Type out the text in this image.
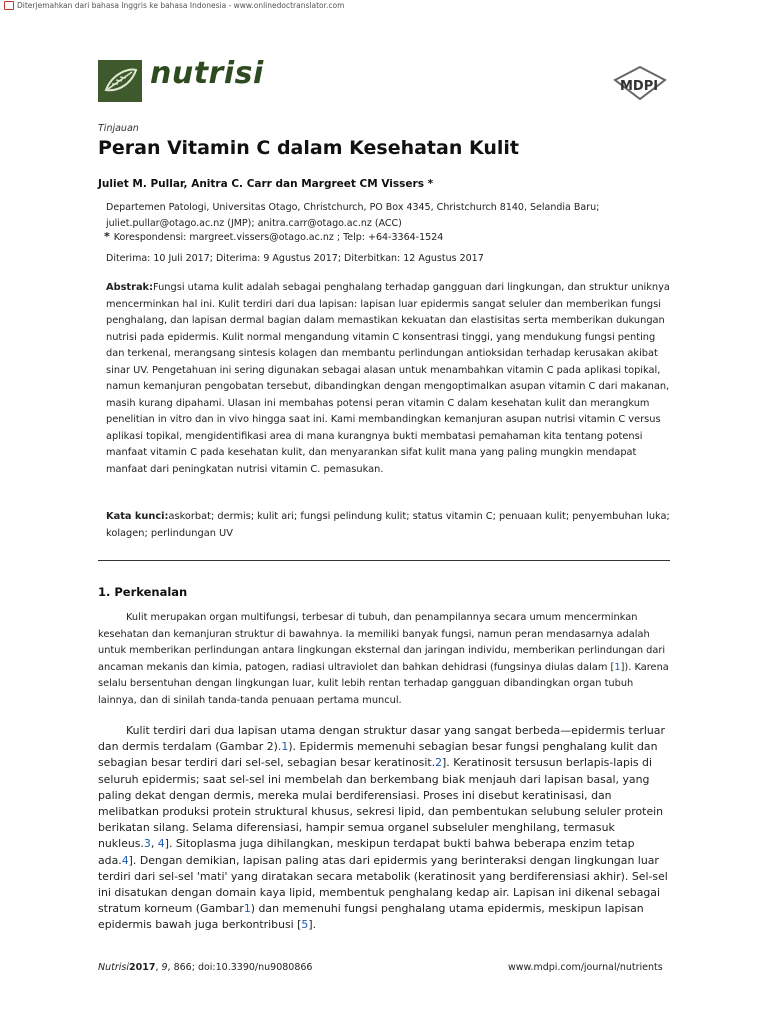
Diterjemahkan dari bahasa Inggris ke bahasa Indonesia - www.onlinedoctranslator.com
nutrisi	MDPI
Tinjauan
Peran Vitamin C dalam Kesehatan Kulit
Juliet M. Pullar, Anitra C. Carr dan Margreet CM Vissers *
Departemen Patologi, Universitas Otago, Christchurch, PO Box 4345, Christchurch 8140, Selandia Baru;
juliet.pullar@otago.ac.nz (JMP); anitra.carr@otago.ac.nz (ACC)
* Korespondensi: margreet.vissers@otago.ac.nz ; Telp: +64-3364-1524
Diterima: 10 Juli 2017; Diterima: 9 Agustus 2017; Diterbitkan: 12 Agustus 2017

Abstrak:Fungsi utama kulit adalah sebagai penghalang terhadap gangguan dari lingkungan, dan struktur uniknya mencerminkan hal ini. Kulit terdiri dari dua lapisan: lapisan luar epidermis sangat seluler dan memberikan fungsi penghalang, dan lapisan dermal bagian dalam memastikan kekuatan dan elastisitas serta memberikan dukungan nutrisi pada epidermis. Kulit normal mengandung vitamin C konsentrasi tinggi, yang mendukung fungsi penting dan terkenal, merangsang sintesis kolagen dan membantu perlindungan antioksidan terhadap kerusakan akibat sinar UV. Pengetahuan ini sering digunakan sebagai alasan untuk menambahkan vitamin C pada aplikasi topikal, namun kemanjuran pengobatan tersebut, dibandingkan dengan mengoptimalkan asupan vitamin C dari makanan, masih kurang dipahami. Ulasan ini membahas potensi peran vitamin C dalam kesehatan kulit dan merangkum penelitian in vitro dan in vivo hingga saat ini. Kami membandingkan kemanjuran asupan nutrisi vitamin C versus aplikasi topikal, mengidentifikasi area di mana kurangnya bukti membatasi pemahaman kita tentang potensi manfaat vitamin C pada kesehatan kulit, dan menyarankan sifat kulit mana yang paling mungkin mendapat manfaat dari peningkatan nutrisi vitamin C. pemasukan.

Kata kunci:askorbat; dermis; kulit ari; fungsi pelindung kulit; status vitamin C; penuaan kulit; penyembuhan luka; kolagen; perlindungan UV

1. Perkenalan

Kulit merupakan organ multifungsi, terbesar di tubuh, dan penampilannya secara umum mencerminkan kesehatan dan kemanjuran struktur di bawahnya. Ia memiliki banyak fungsi, namun peran mendasarnya adalah untuk memberikan perlindungan antara lingkungan eksternal dan jaringan individu, memberikan perlindungan dari ancaman mekanis dan kimia, patogen, radiasi ultraviolet dan bahkan dehidrasi (fungsinya diulas dalam [1]). Karena selalu bersentuhan dengan lingkungan luar, kulit lebih rentan terhadap gangguan dibandingkan organ tubuh lainnya, dan di sinilah tanda-tanda penuaan pertama muncul.

Kulit terdiri dari dua lapisan utama dengan struktur dasar yang sangat berbeda—epidermis terluar dan dermis terdalam (Gambar 2).1). Epidermis memenuhi sebagian besar fungsi penghalang kulit dan sebagian besar terdiri dari sel-sel, sebagian besar keratinosit.2]. Keratinosit tersusun berlapis-lapis di seluruh epidermis; saat sel-sel ini membelah dan berkembang biak menjauh dari lapisan basal, yang paling dekat dengan dermis, mereka mulai berdiferensiasi. Proses ini disebut keratinisasi, dan melibatkan produksi protein struktural khusus, sekresi lipid, dan pembentukan selubung seluler protein berikatan silang. Selama diferensiasi, hampir semua organel subseluler menghilang, termasuk nukleus.3, 4]. Sitoplasma juga dihilangkan, meskipun terdapat bukti bahwa beberapa enzim tetap ada.4]. Dengan demikian, lapisan paling atas dari epidermis yang berinteraksi dengan lingkungan luar terdiri dari sel-sel 'mati' yang diratakan secara metabolik (keratinosit yang berdiferensiasi akhir). Sel-sel ini disatukan dengan domain kaya lipid, membentuk penghalang kedap air. Lapisan ini dikenal sebagai stratum korneum (Gambar1) dan memenuhi fungsi penghalang utama epidermis, meskipun lapisan epidermis bawah juga berkontribusi [5].

Nutrisi2017, 9, 866; doi:10.3390/nu9080866	www.mdpi.com/journal/nutrients
